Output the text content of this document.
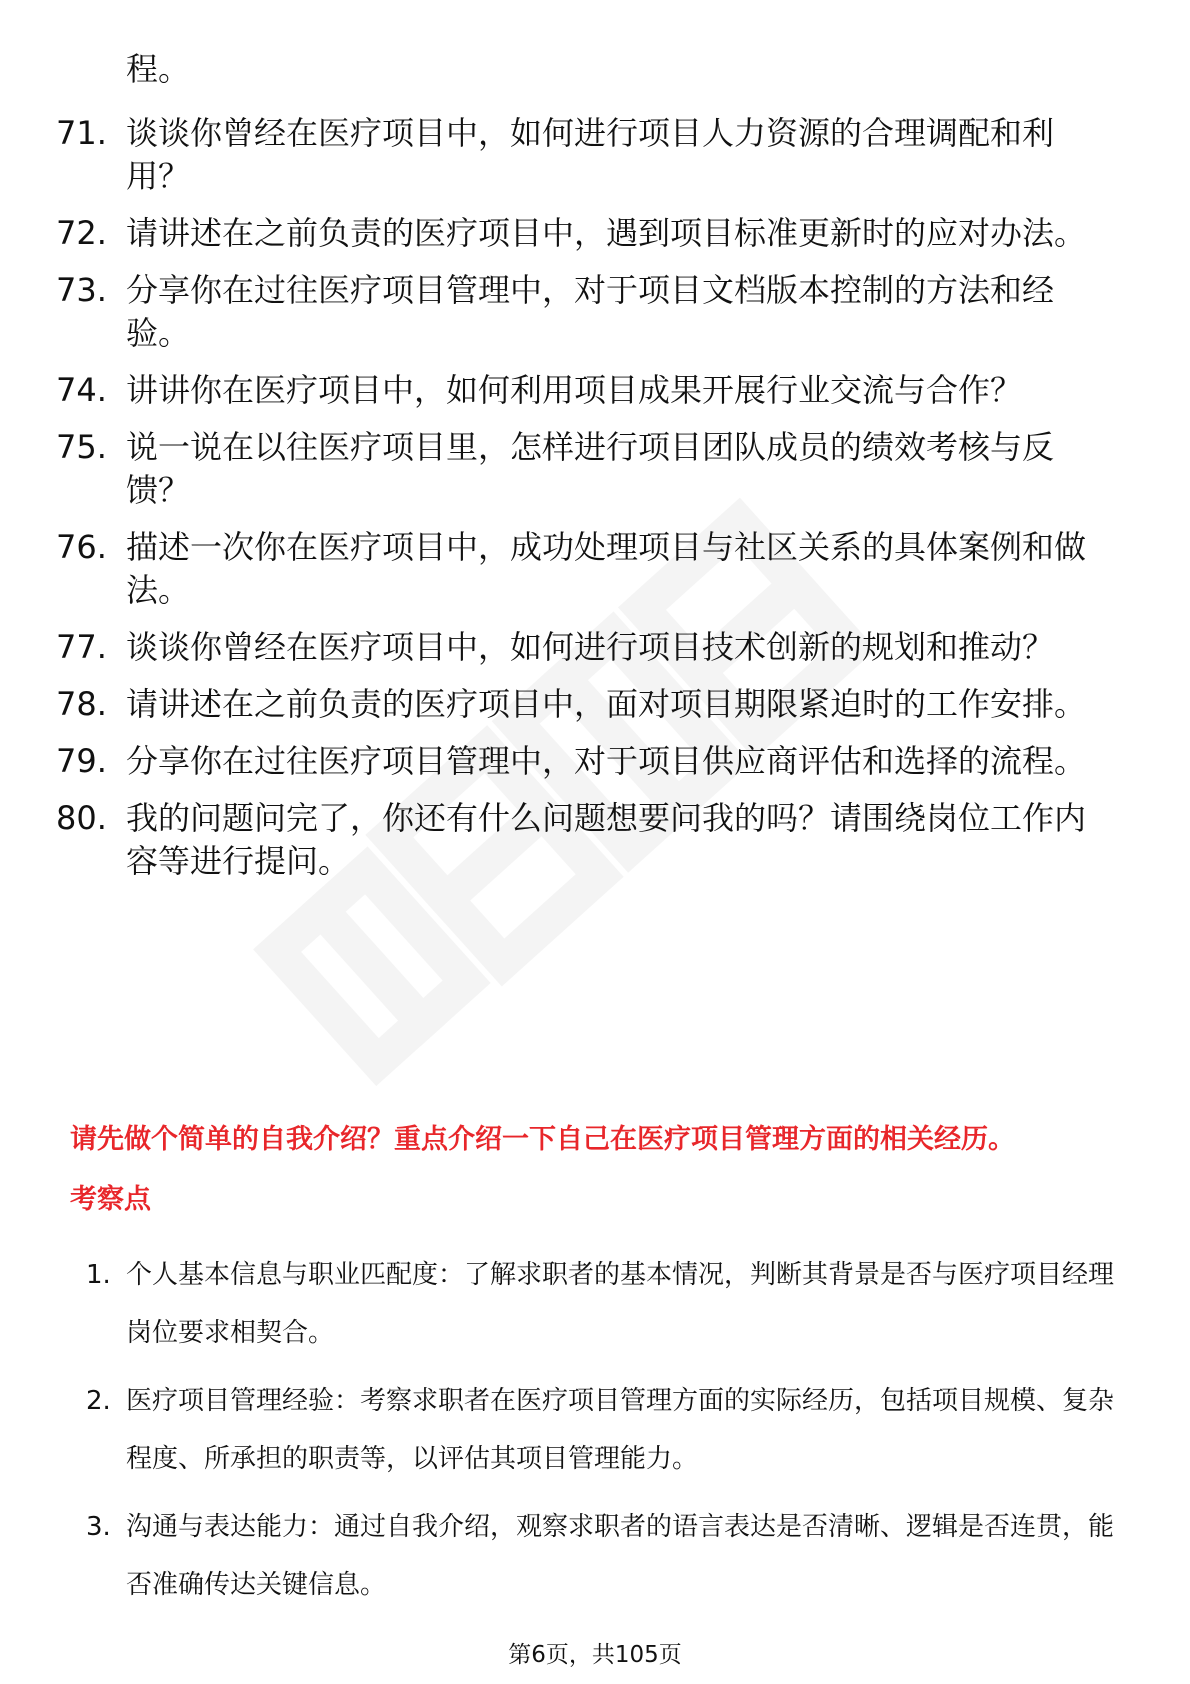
程。

71. 谈谈你曾经在医疗项目中，如何进行项目人力资源的合理调配和利用？
72. 请讲述在之前负责的医疗项目中，遇到项目标准更新时的应对办法。
73. 分享你在过往医疗项目管理中，对于项目文档版本控制的方法和经验。
74. 讲讲你在医疗项目中，如何利用项目成果开展行业交流与合作？
75. 说一说在以往医疗项目里，怎样进行项目团队成员的绩效考核与反馈？
76. 描述一次你在医疗项目中，成功处理项目与社区关系的具体案例和做法。
77. 谈谈你曾经在医疗项目中，如何进行项目技术创新的规划和推动？
78. 请讲述在之前负责的医疗项目中，面对项目期限紧迫时的工作安排。
79. 分享你在过往医疗项目管理中，对于项目供应商评估和选择的流程。
80. 我的问题问完了，你还有什么问题想要问我的吗？请围绕岗位工作内容等进行提问。

请先做个简单的自我介绍？重点介绍一下自己在医疗项目管理方面的相关经历。

考察点

1. 个人基本信息与职业匹配度：了解求职者的基本情况，判断其背景是否与医疗项目经理岗位要求相契合。
2. 医疗项目管理经验：考察求职者在医疗项目管理方面的实际经历，包括项目规模、复杂程度、所承担的职责等，以评估其项目管理能力。
3. 沟通与表达能力：通过自我介绍，观察求职者的语言表达是否清晰、逻辑是否连贯，能否准确传达关键信息。

第6页，共105页
